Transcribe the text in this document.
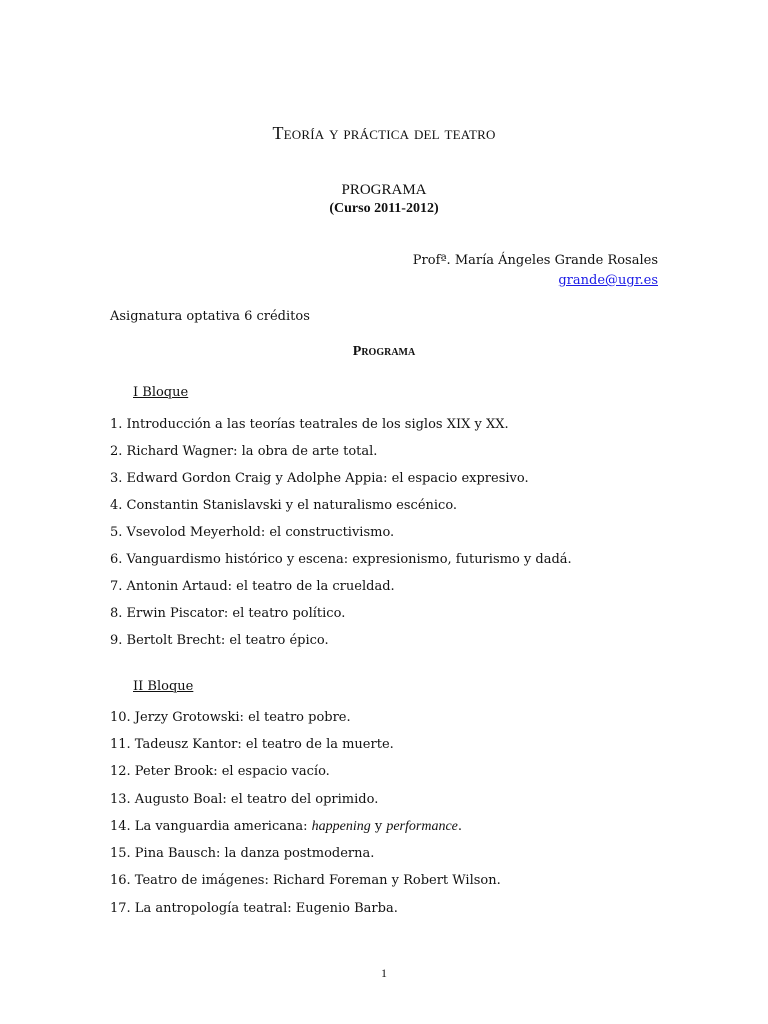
Teoría y práctica del teatro
PROGRAMA
(Curso 2011-2012)
Profª. María Ángeles Grande Rosales
grande@ugr.es
Asignatura optativa 6 créditos
Programa
I Bloque
1. Introducción a las teorías teatrales de los siglos XIX y XX.
2. Richard Wagner: la obra de arte total.
3. Edward Gordon Craig y Adolphe Appia: el espacio expresivo.
4. Constantin Stanislavski y el naturalismo escénico.
5. Vsevolod Meyerhold: el constructivismo.
6. Vanguardismo histórico y escena: expresionismo, futurismo y dadá.
7. Antonin Artaud: el teatro de la crueldad.
8. Erwin Piscator: el teatro político.
9. Bertolt Brecht: el teatro épico.
II Bloque
10. Jerzy Grotowski: el teatro pobre.
11. Tadeusz Kantor: el teatro de la muerte.
12. Peter Brook: el espacio vacío.
13. Augusto Boal: el teatro del oprimido.
14. La vanguardia americana: happening y performance.
15. Pina Bausch: la danza postmoderna.
16. Teatro de imágenes: Richard Foreman y Robert Wilson.
17. La antropología teatral: Eugenio Barba.
1
